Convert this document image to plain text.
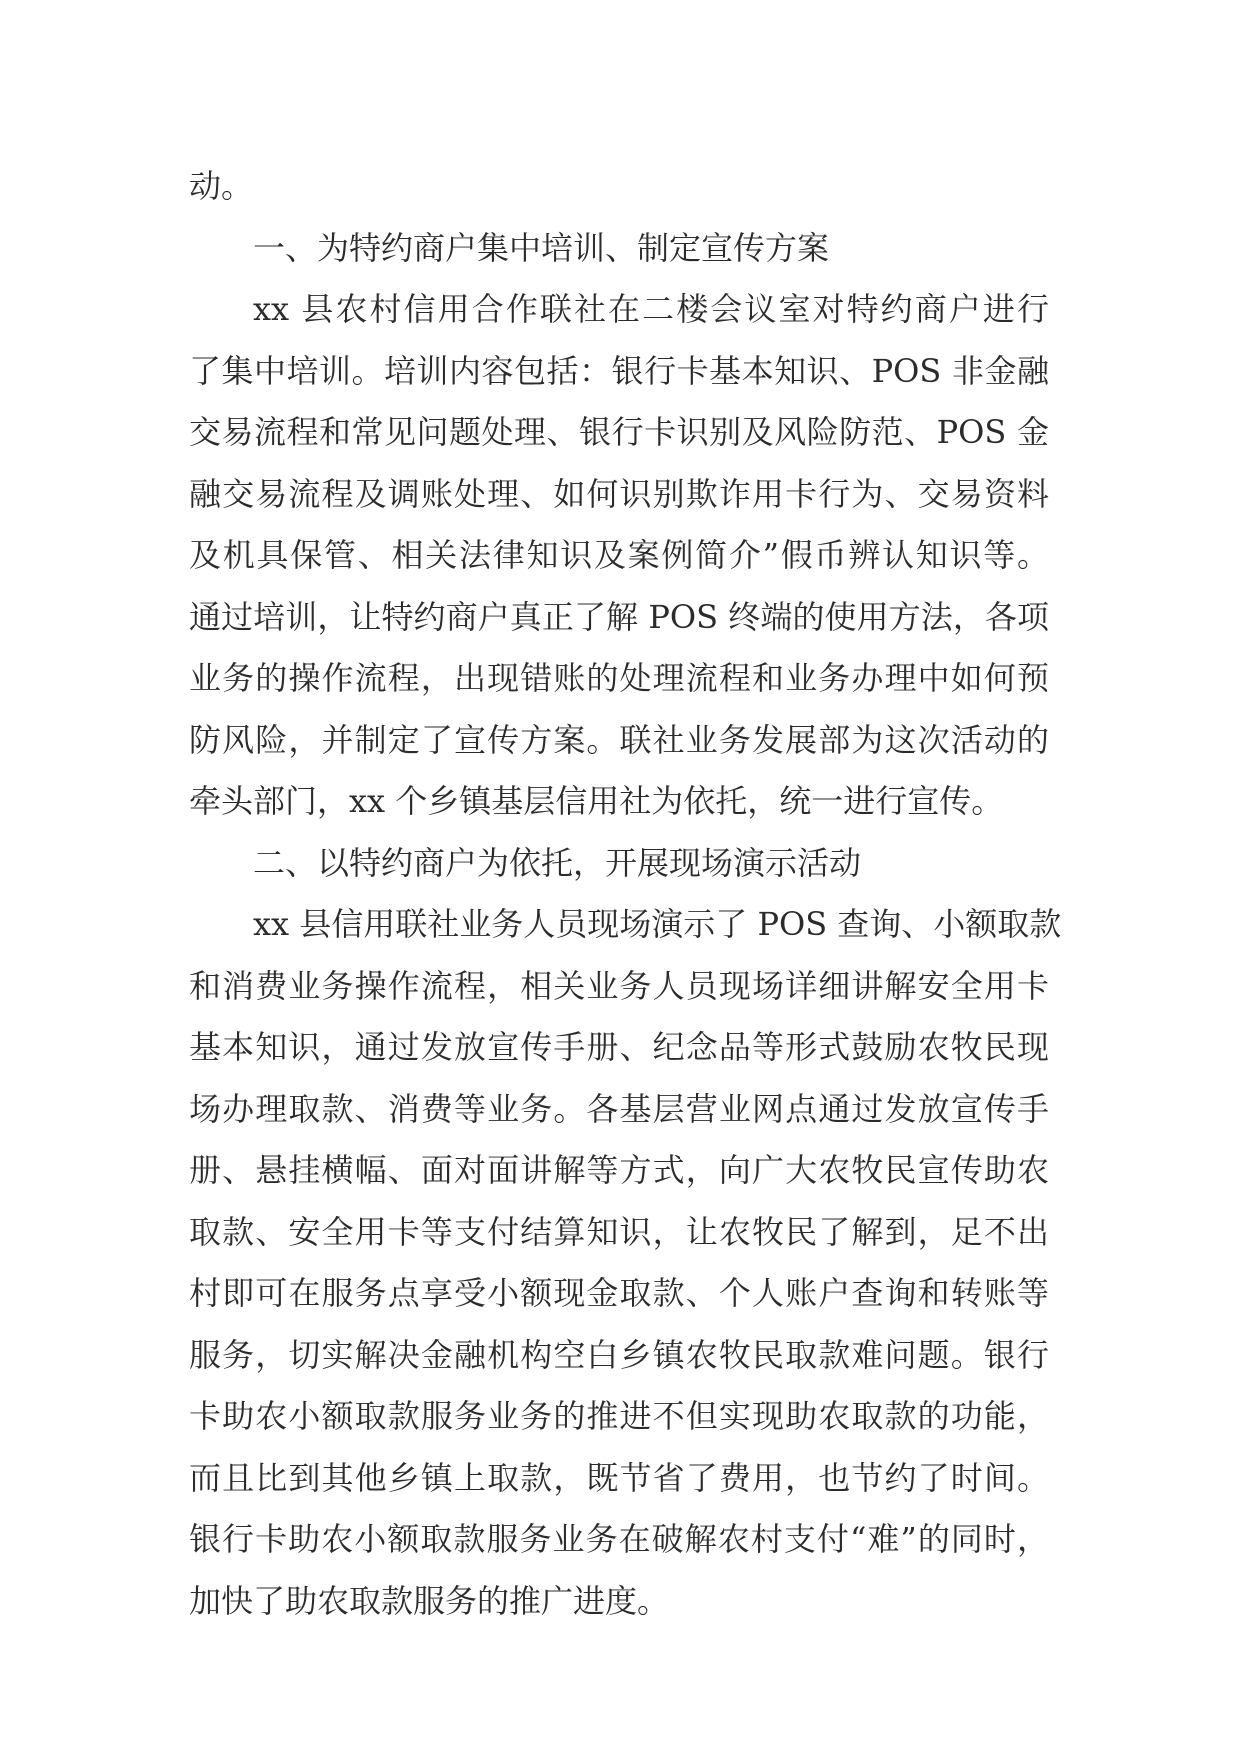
动。
一、为特约商户集中培训、制定宣传方案
xx 县农村信用合作联社在二楼会议室对特约商户进行
了集中培训。培训内容包括：银行卡基本知识、POS 非金融
交易流程和常见问题处理、银行卡识别及风险防范、POS 金
融交易流程及调账处理、如何识别欺诈用卡行为、交易资料
及机具保管、相关法律知识及案例简介”假币辨认知识等。
通过培训，让特约商户真正了解 POS 终端的使用方法，各项
业务的操作流程，出现错账的处理流程和业务办理中如何预
防风险，并制定了宣传方案。联社业务发展部为这次活动的
牵头部门，xx 个乡镇基层信用社为依托，统一进行宣传。
二、以特约商户为依托，开展现场演示活动
xx 县信用联社业务人员现场演示了 POS 查询、小额取款
和消费业务操作流程，相关业务人员现场详细讲解安全用卡
基本知识，通过发放宣传手册、纪念品等形式鼓励农牧民现
场办理取款、消费等业务。各基层营业网点通过发放宣传手
册、悬挂横幅、面对面讲解等方式，向广大农牧民宣传助农
取款、安全用卡等支付结算知识，让农牧民了解到，足不出
村即可在服务点享受小额现金取款、个人账户查询和转账等
服务，切实解决金融机构空白乡镇农牧民取款难问题。银行
卡助农小额取款服务业务的推进不但实现助农取款的功能，
而且比到其他乡镇上取款，既节省了费用，也节约了时间。
银行卡助农小额取款服务业务在破解农村支付“难”的同时，
加快了助农取款服务的推广进度。
